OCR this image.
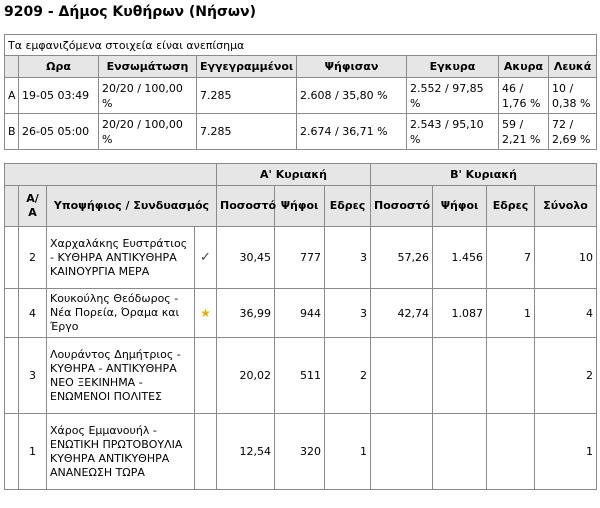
9209 - Δήμος Κυθήρων (Νήσων)
Τα εμφανιζόμενα στοιχεία είναι ανεπίσημα							
	Ωρα	Ενσωμάτωση	Εγγεγραμμένοι	Ψήφισαν	Εγκυρα	Ακυρα	Λευκά
A	19-05 03:49	20/20 / 100,00 %	7.285	2.608 / 35,80 %	2.552 / 97,85 %	46 / 1,76 %	10 / 0,38 %
B	26-05 05:00	20/20 / 100,00 %	7.285	2.674 / 36,71 %	2.543 / 95,10 %	59 / 2,21 %	72 / 2,69 %
				Α' Κυριακή			Β' Κυριακή			
	Α/Α	Υποψήφιος / Συνδυασμός		Ποσοστό	Ψήφοι	Εδρες	Ποσοστό	Ψήφοι	Εδρες	Σύνολο
	2	Χαρχαλάκης Ευστράτιος - ΚΥΘΗΡΑ ΑΝΤΙΚΥΘΗΡΑ ΚΑΙΝΟΥΡΓΙΑ ΜΕΡΑ	✓	30,45	777	3	57,26	1.456	7	10
	4	Κουκούλης Θεόδωρος - Νέα Πορεία, Όραμα και Έργο	★	36,99	944	3	42,74	1.087	1	4
	3	Λουράντος Δημήτριος - ΚΥΘΗΡΑ - ΑΝΤΙΚΥΘΗΡΑ ΝΕΟ ΞΕΚΙΝΗΜΑ - ΕΝΩΜΕΝΟΙ ΠΟΛΙΤΕΣ		20,02	511	2				2
	1	Χάρος Εμμανουήλ - ΕΝΩΤΙΚΗ ΠΡΩΤΟΒΟΥΛΙΑ ΚΥΘΗΡΑ ΑΝΤΙΚΥΘΗΡΑ ΑΝΑΝΕΩΣΗ ΤΩΡΑ		12,54	320	1				1
